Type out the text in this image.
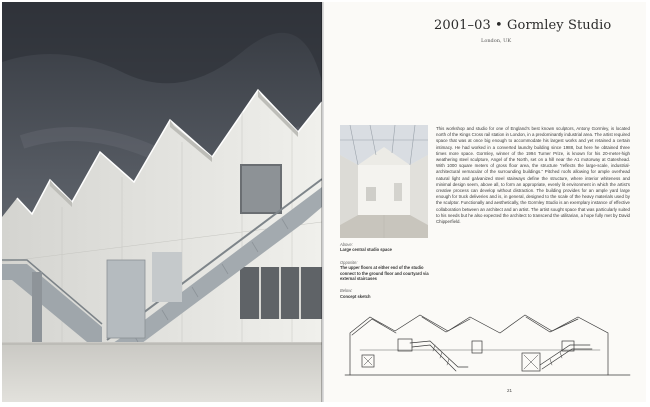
2001–03 • Gormley Studio
London, UK
This workshop and studio for one of England’s best known sculptors, Antony Gormley, is located north of the Kings Cross rail station in London, in a predominantly industrial area. The artist required space that was at once big enough to accommodate his largest works and yet retained a certain intimacy. He had worked in a converted laundry building since 1988, but here he obtained three times more space. Gormley, winner of the 1994 Turner Prize, is known for his 20-meter-high weathering steel sculpture, Angel of the North, set on a hill near the A1 motorway at Gateshead. With 1000 square meters of gross floor area, the structure “reflects the large-scale, industrial-architectural vernacular of the surrounding buildings.” Pitched roofs allowing for ample overhead natural light and galvanized steel stairways define the structure, where interior whiteness and minimal design seem, above all, to form an appropriate, evenly lit environment in which the artist’s creative process can develop without distraction. The building provides for an ample yard large enough for truck deliveries and is, in general, designed to the scale of the heavy materials used by the sculptor. Functionally and aesthetically, the Gormley Studio is an exemplary instance of effective collaboration between an architect and an artist. The artist sought space that was particularly suited to his needs but he also expected the architect to transcend the utilitarian, a hope fully met by David Chipperfield.
Above:
Large central studio space
Opposite:
The upper floors at either end of the studio connect to the ground floor and courtyard via external staircases
Below:
Concept sketch
21
